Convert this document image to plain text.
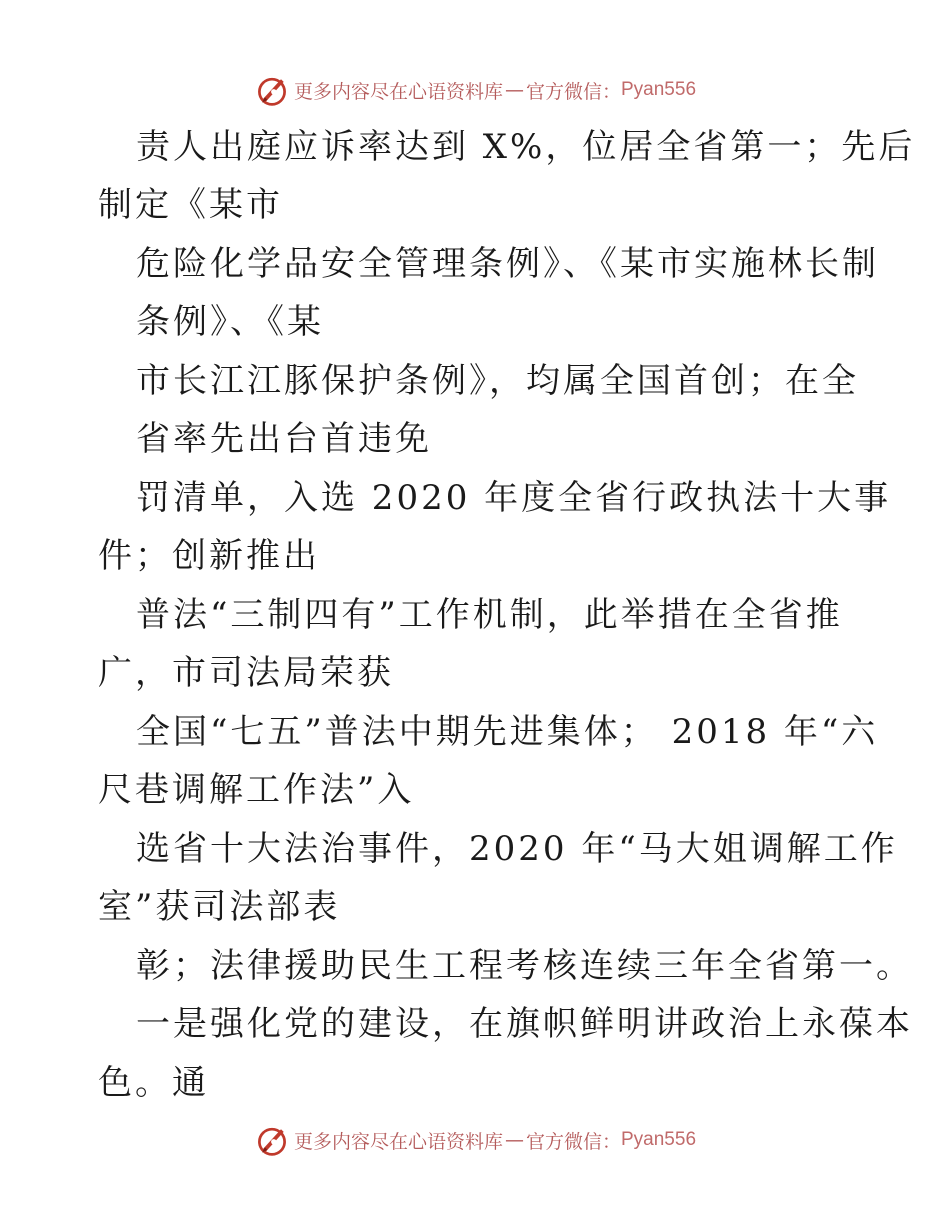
更多内容尽在心语资料库 — 官方微信： Pyan556
责人出庭应诉率达到 X%，位居全省第一；先后
制定《某市
危险化学品安全管理条例》、《某市实施林长制
条例》、《某
市长江江豚保护条例》，均属全国首创；在全
省率先出台首违免
罚清单，入选 2020 年度全省行政执法十大事
件；创新推出
普法“三制四有”工作机制，此举措在全省推
广，市司法局荣获
全国“七五”普法中期先进集体； 2018 年“六
尺巷调解工作法”入
选省十大法治事件，2020 年“马大姐调解工作
室”获司法部表
彰；法律援助民生工程考核连续三年全省第一。
一是强化党的建设，在旗帜鲜明讲政治上永葆本
色。通
更多内容尽在心语资料库 — 官方微信： Pyan556
